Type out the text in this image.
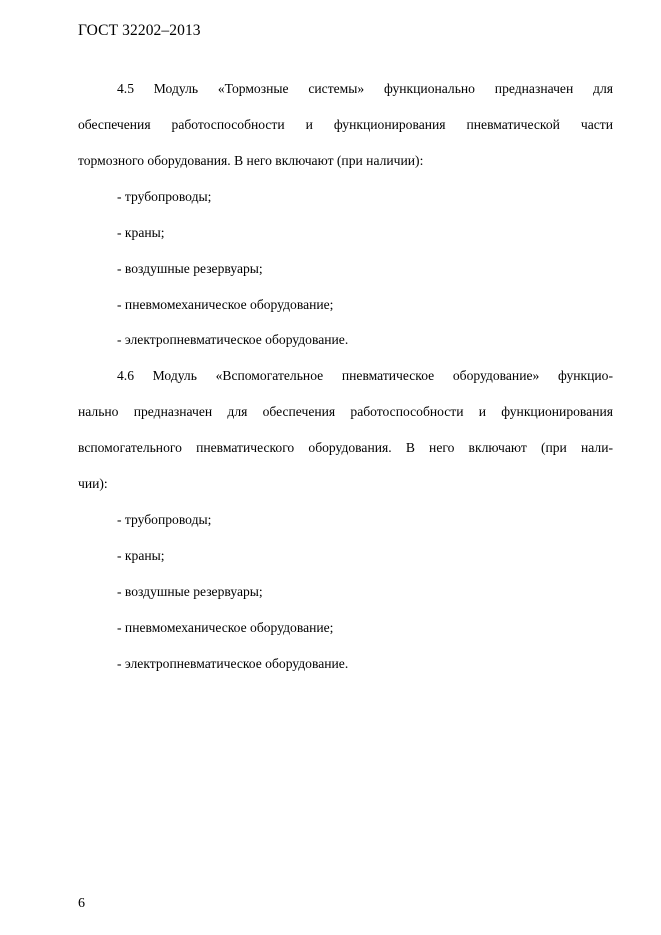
ГОСТ 32202–2013
4.5 Модуль «Тормозные системы» функционально предназначен для
обеспечения работоспособности и функционирования пневматической части
тормозного оборудования. В него включают (при наличии):
- трубопроводы;
- краны;
- воздушные резервуары;
- пневмомеханическое оборудование;
- электропневматическое оборудование.
4.6 Модуль «Вспомогательное пневматическое оборудование» функцио-
нально предназначен для обеспечения работоспособности и функционирования
вспомогательного пневматического оборудования. В него включают (при нали-
чии):
- трубопроводы;
- краны;
- воздушные резервуары;
- пневмомеханическое оборудование;
- электропневматическое оборудование.
6
